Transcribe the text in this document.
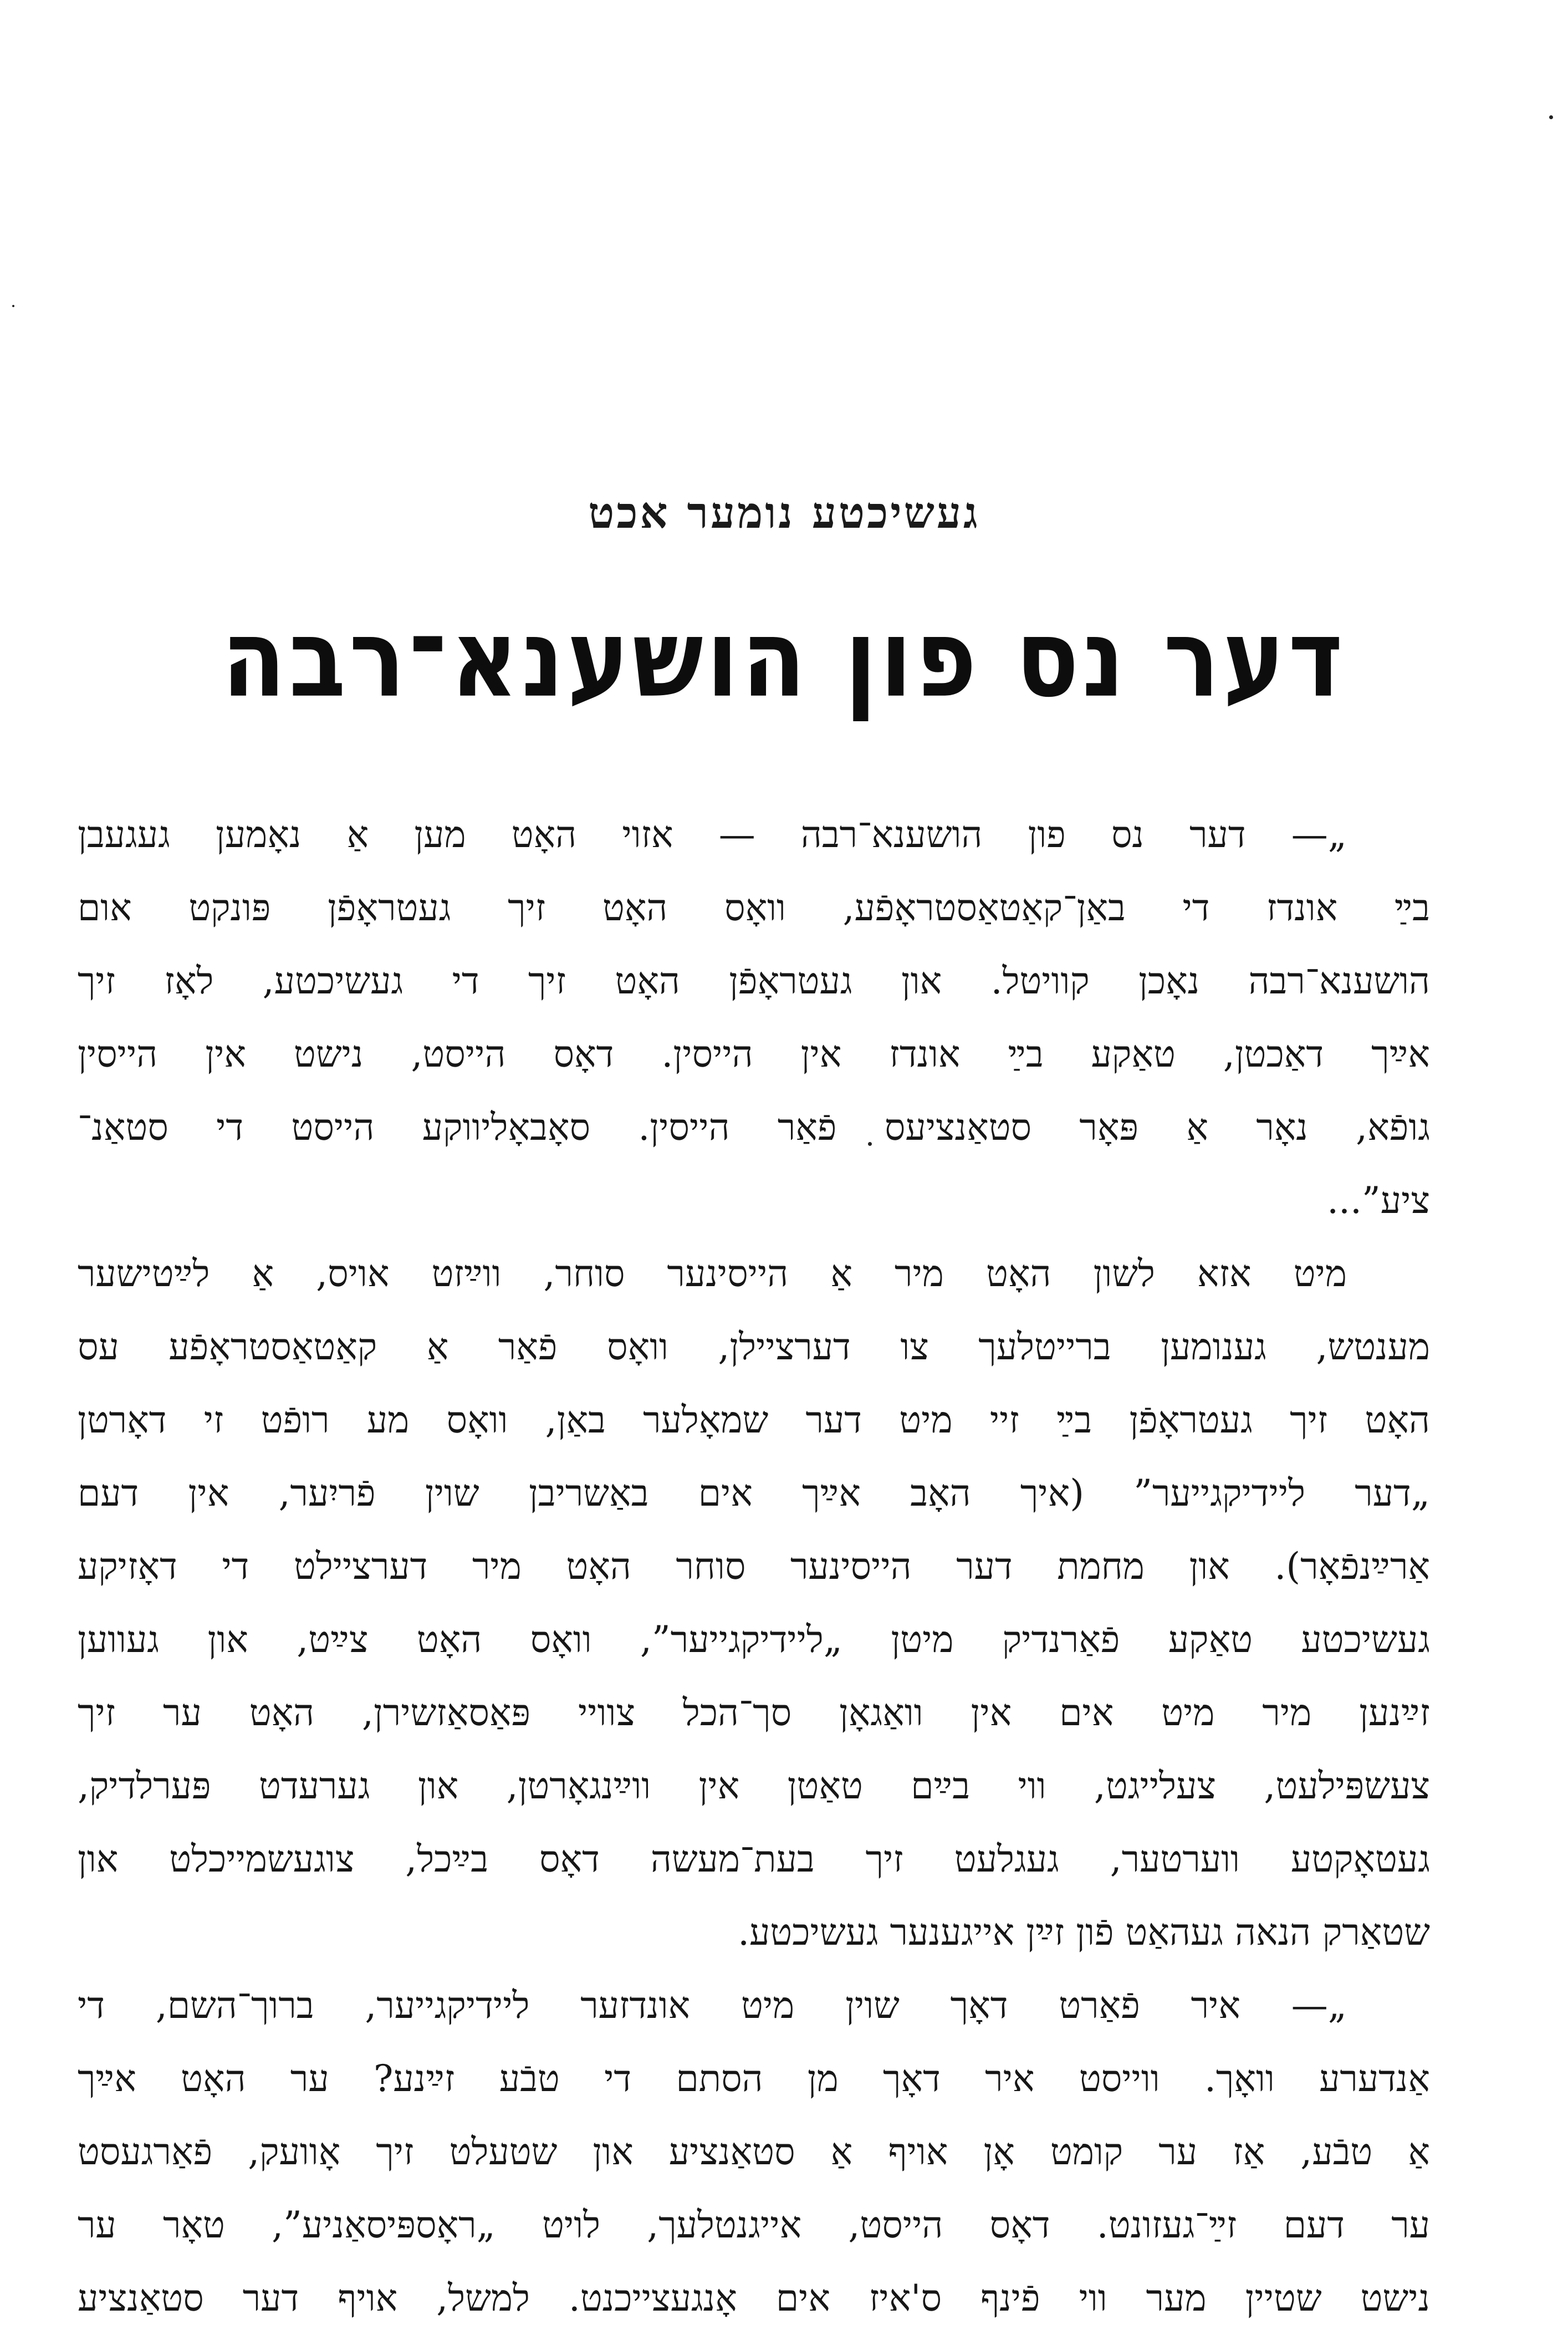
געשיכטע נומער אכט
דער נס פון הושענא־רבה
„— דער נס פון הושענא־רבה — אזוי האָט מען אַ נאָמען געגעבן
בײַ אונדז די באַן־קאַטאַסטראָפֿע, וואָס האָט זיך געטראָפֿן פּונקט אום
הושענא־רבה נאָכן קוויטל. און געטראָפֿן האָט זיך די געשיכטע, לאָז זיך
אײַך דאַכטן, טאַקע בײַ אונדז אין הייסין. דאָס הייסט, נישט אין הייסין
גופֿא, נאָר אַ פּאָר סטאַנציעס פֿאַר הייסין. סאָבאָליווקע הייסט די סטאַנ־
ציע”...
מיט אזא לשון האָט מיר אַ הייסינער סוחר, ווײַזט אויס, אַ לײַטישער
מענטש, גענומען ברייטלעך צו דערציילן, וואָס פֿאַר אַ קאַטאַסטראָפֿע עס
האָט זיך געטראָפֿן בײַ זיי מיט דער שמאָלער באַן, וואָס מע רופֿט זי דאָרטן
„דער ליידיקגייער” (איך האָב אײַך אים באַשריבן שוין פֿריִער, אין דעם
אַרײַנפֿאָר). און מחמת דער הייסינער סוחר האָט מיר דערציילט די דאָזיקע
געשיכטע טאַקע פֿאַרנדיק מיטן „ליידיקגייער”, וואָס האָט צײַט, און געווען
זײַנען מיר מיט אים אין וואַגאָן סך־הכל צוויי פּאַסאַזשירן, האָט ער זיך
צעשפּילעט, צעלייגט, ווי בײַם טאַטן אין ווײַנגאָרטן, און גערעדט פּערלדיק,
געטאָקטע ווערטער, געגלעט זיך בעת־מעשה דאָס בײַכל, צוגעשמייכלט און
שטאַרק הנאה געהאַט פֿון זײַן אייגענער געשיכטע.
„— איר פֿאַרט דאָך שוין מיט אונדזער ליידיקגייער, ברוך־השם, די
אַנדערע וואָך. ווייסט איר דאָך מן הסתם די טבֿע זײַנע? ער האָט אײַך
אַ טבֿע, אַז ער קומט אָן אויף אַ סטאַנציע און שטעלט זיך אָוועק, פֿאַרגעסט
ער דעם זײַ־געזונט. דאָס הייסט, אייגנטלעך, לויט „ראָספּיסאַניע”, טאָר ער
נישט שטיין מער ווי פֿינף ס'איז אים אָנגעצייכנט. למשל, אויף דער סטאַנציע
